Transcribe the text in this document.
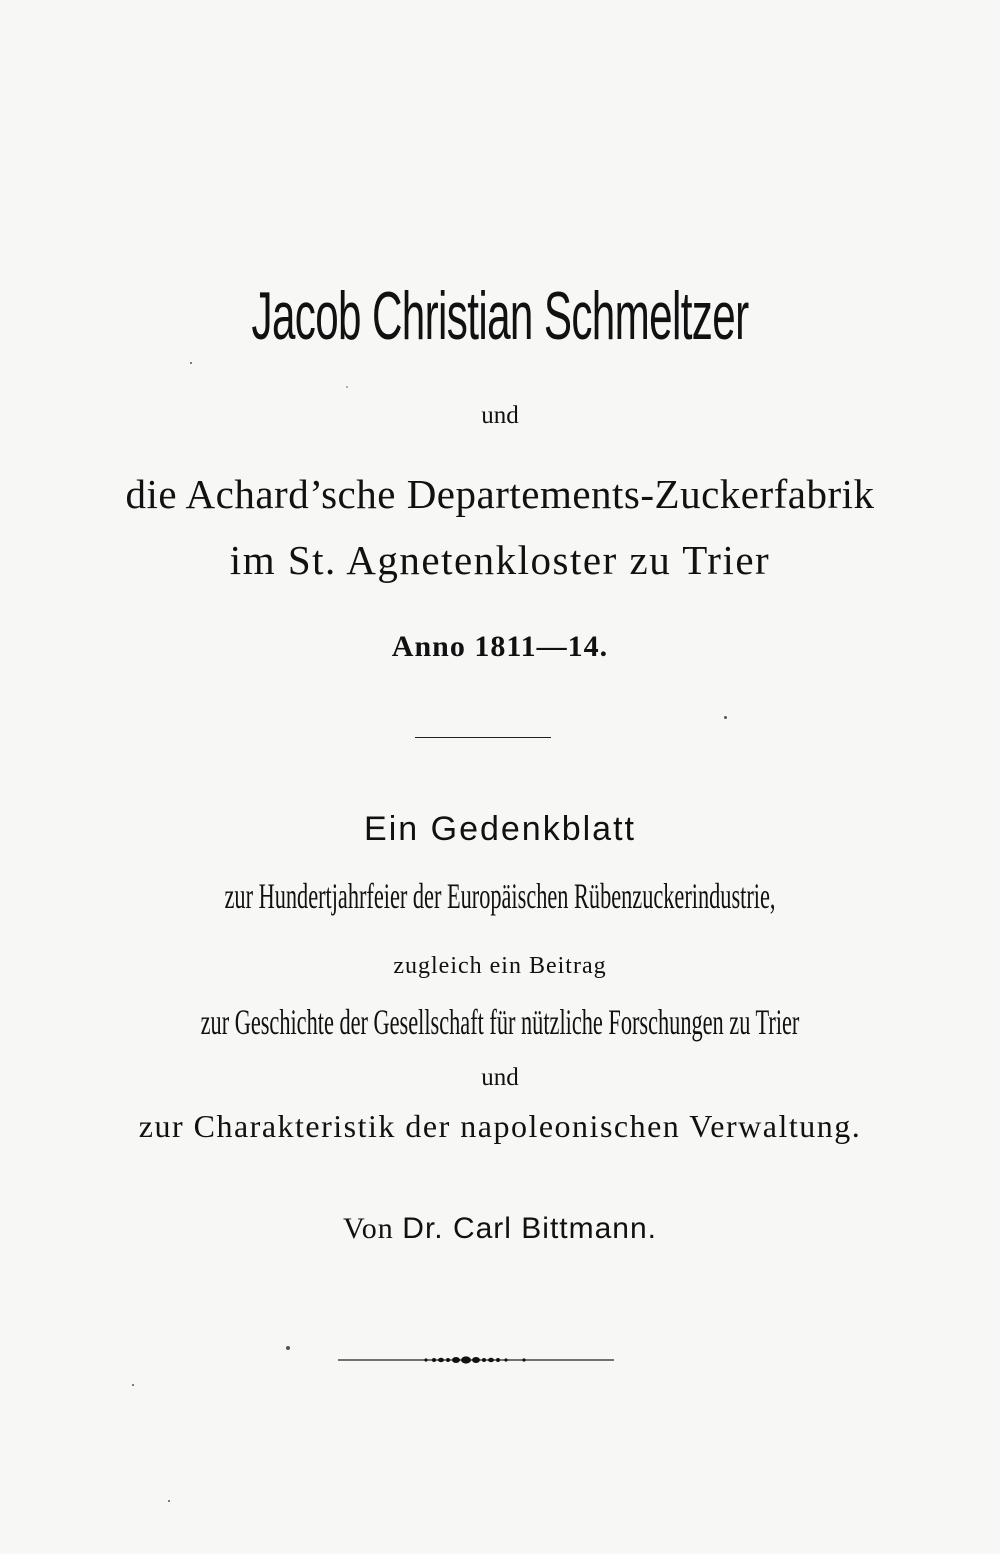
Jacob Christian Schmeltzer
und
die Achard’sche Departements-Zuckerfabrik
im St. Agnetenkloster zu Trier
Anno 1811—14.
Ein Gedenkblatt
zur Hundertjahrfeier der Europäischen Rübenzuckerindustrie,
zugleich ein Beitrag
zur Geschichte der Gesellschaft für nützliche Forschungen zu Trier
und
zur Charakteristik der napoleonischen Verwaltung.
Von Dr. Carl Bittmann.
